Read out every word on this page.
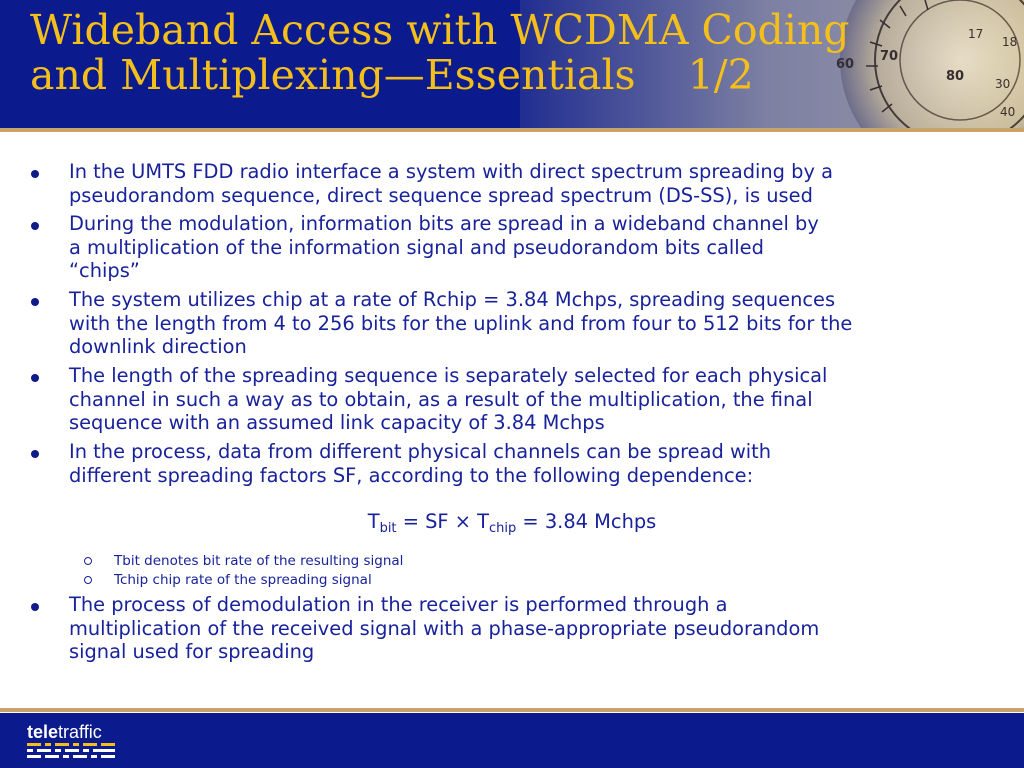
Wideband Access with WCDMA Coding
and Multiplexing—Essentials    1/2
In the UMTS FDD radio interface a system with direct spectrum spreading by a
pseudorandom sequence, direct sequence spread spectrum (DS-SS), is used
During the modulation, information bits are spread in a wideband channel by
a multiplication of the information signal and pseudorandom bits called
“chips”
The system utilizes chip at a rate of Rchip = 3.84 Mchps, spreading sequences
with the length from 4 to 256 bits for the uplink and from four to 512 bits for the
downlink direction
The length of the spreading sequence is separately selected for each physical
channel in such a way as to obtain, as a result of the multiplication, the final
sequence with an assumed link capacity of 3.84 Mchps
In the process, data from different physical channels can be spread with
different spreading factors SF, according to the following dependence:
$T_{bit}$ = SF × $T_{chip} = 3.84$ Mchps
Tbit denotes bit rate of the resulting signal
Tchip chip rate of the spreading signal
The process of demodulation in the receiver is performed through a
multiplication of the received signal with a phase-appropriate pseudorandom
signal used for spreading
teletraffic
